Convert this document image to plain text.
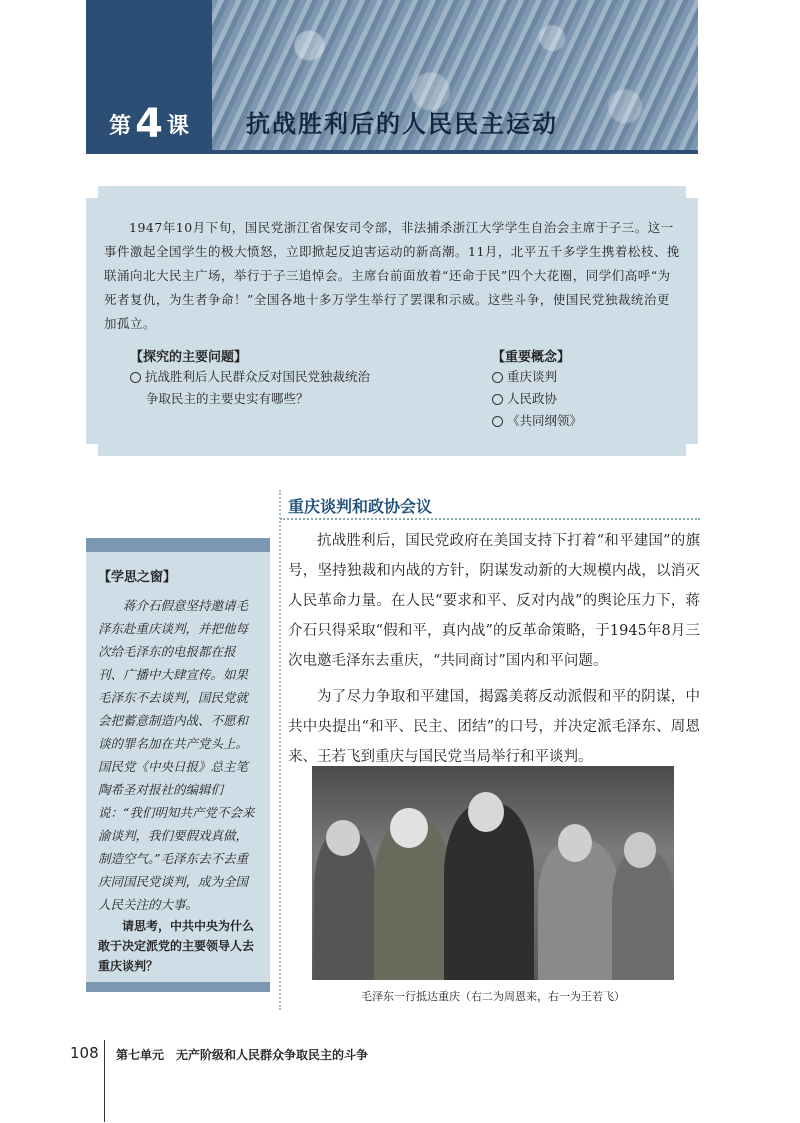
第 4 课 抗战胜利后的人民民主运动
1947年10月下旬，国民党浙江省保安司令部，非法捕杀浙江大学学生自治会主席于子三。这一事件激起全国学生的极大愤怒，立即掀起反迫害运动的新高潮。11月，北平五千多学生携着松枝、挽联涌向北大民主广场，举行于子三追悼会。主席台前面放着“还命于民”四个大花圈，同学们高呼“为死者复仇，为生者争命！”全国各地十多万学生举行了罢课和示威。这些斗争，使国民党独裁统治更加孤立。
【探究的主要问题】
抗战胜利后人民群众反对国民党独裁统治
争取民主的主要史实有哪些？
【重要概念】
重庆谈判
人民政协
《共同纲领》
重庆谈判和政协会议

抗战胜利后，国民党政府在美国支持下打着“和平建国”的旗号，坚持独裁和内战的方针，阴谋发动新的大规模内战，以消灭人民革命力量。在人民“要求和平、反对内战”的舆论压力下，蒋介石只得采取“假和平，真内战”的反革命策略，于1945年8月三次电邀毛泽东去重庆，“共同商讨”国内和平问题。

为了尽力争取和平建国，揭露美蒋反动派假和平的阴谋，中共中央提出“和平、民主、团结”的口号，并决定派毛泽东、周恩来、王若飞到重庆与国民党当局举行和平谈判。

【学思之窗】
蒋介石假意坚持邀请毛泽东赴重庆谈判，并把他每次给毛泽东的电报都在报刊、广播中大肆宣传。如果毛泽东不去谈判，国民党就会把蓄意制造内战、不愿和谈的罪名加在共产党头上。国民党《中央日报》总主笔陶希圣对报社的编辑们说：“我们明知共产党不会来渝谈判，我们要假戏真做，制造空气。”毛泽东去不去重庆同国民党谈判，成为全国人民关注的大事。
请思考，中共中央为什么敢于决定派党的主要领导人去重庆谈判？
毛泽东一行抵达重庆（右二为周恩来，右一为王若飞）
108 第七单元　无产阶级和人民群众争取民主的斗争
